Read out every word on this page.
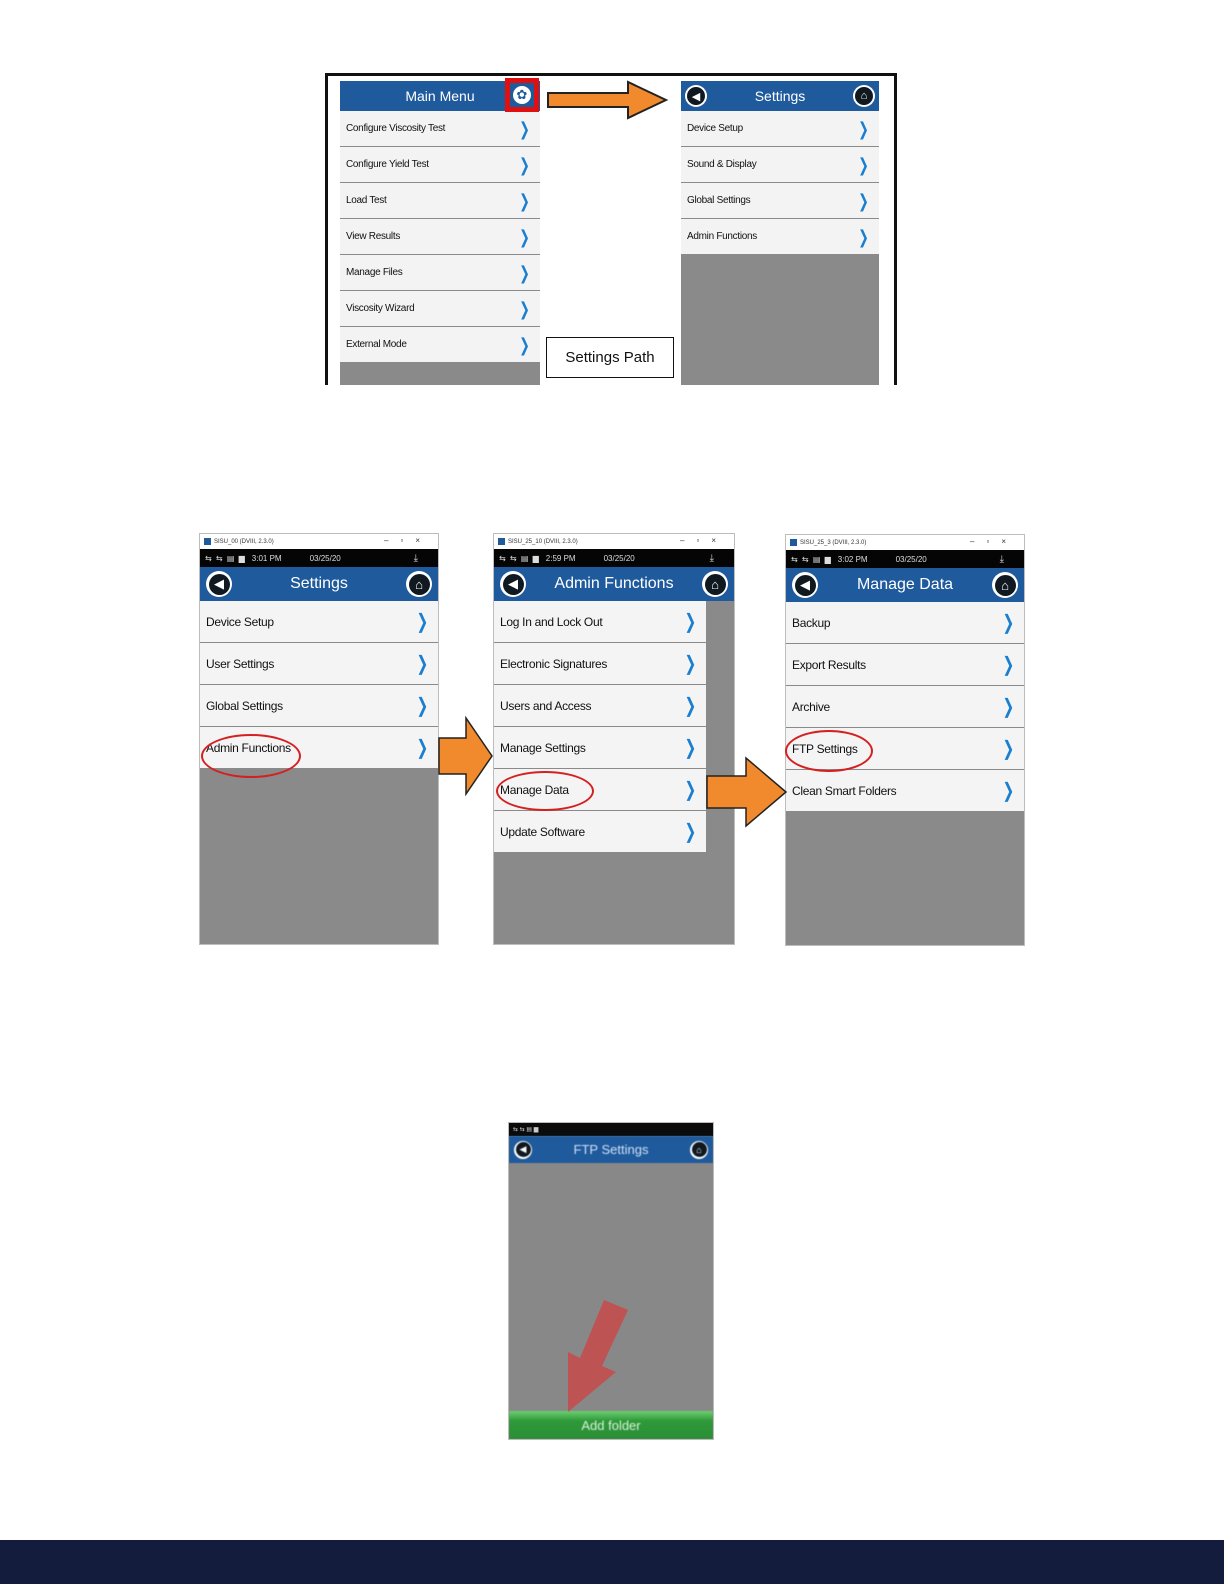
Main Menu
Configure Viscosity Test	❯
Configure Yield Test	❯
Load Test	❯
View Results	❯
Manage Files	❯
Viscosity Wizard	❯
External Mode	❯
✿	◀	Settings	⌂
Device Setup	❯
Sound & Display	❯
Global Settings	❯
Admin Functions	❯
Settings Path
SISU_00 (DVIII, 2.3.0)	–▫×
⇆ ⇆ ▤ ▆ 3:01 PM	03/25/20	⤓
◀	Settings	⌂
Device Setup	❯
User Settings	❯
Global Settings	❯
Admin Functions	❯
SISU_25_10 (DVIII, 2.3.0)	–▫×
⇆ ⇆ ▤ ▆ 2:59 PM	03/25/20	⤓
◀	Admin Functions	⌂
Log In and Lock Out	❯
Electronic Signatures	❯
Users and Access	❯
Manage Settings	❯
Manage Data	❯
Update Software	❯
SISU_25_3 (DVIII, 2.3.0)	–▫×
⇆ ⇆ ▤ ▆ 3:02 PM	03/25/20	⤓
◀	Manage Data	⌂
Backup	❯
Export Results	❯
Archive	❯
FTP Settings	❯
Clean Smart Folders	❯
⇆ ⇆ ▤ ▆
◀	FTP Settings	⌂
Add folder
